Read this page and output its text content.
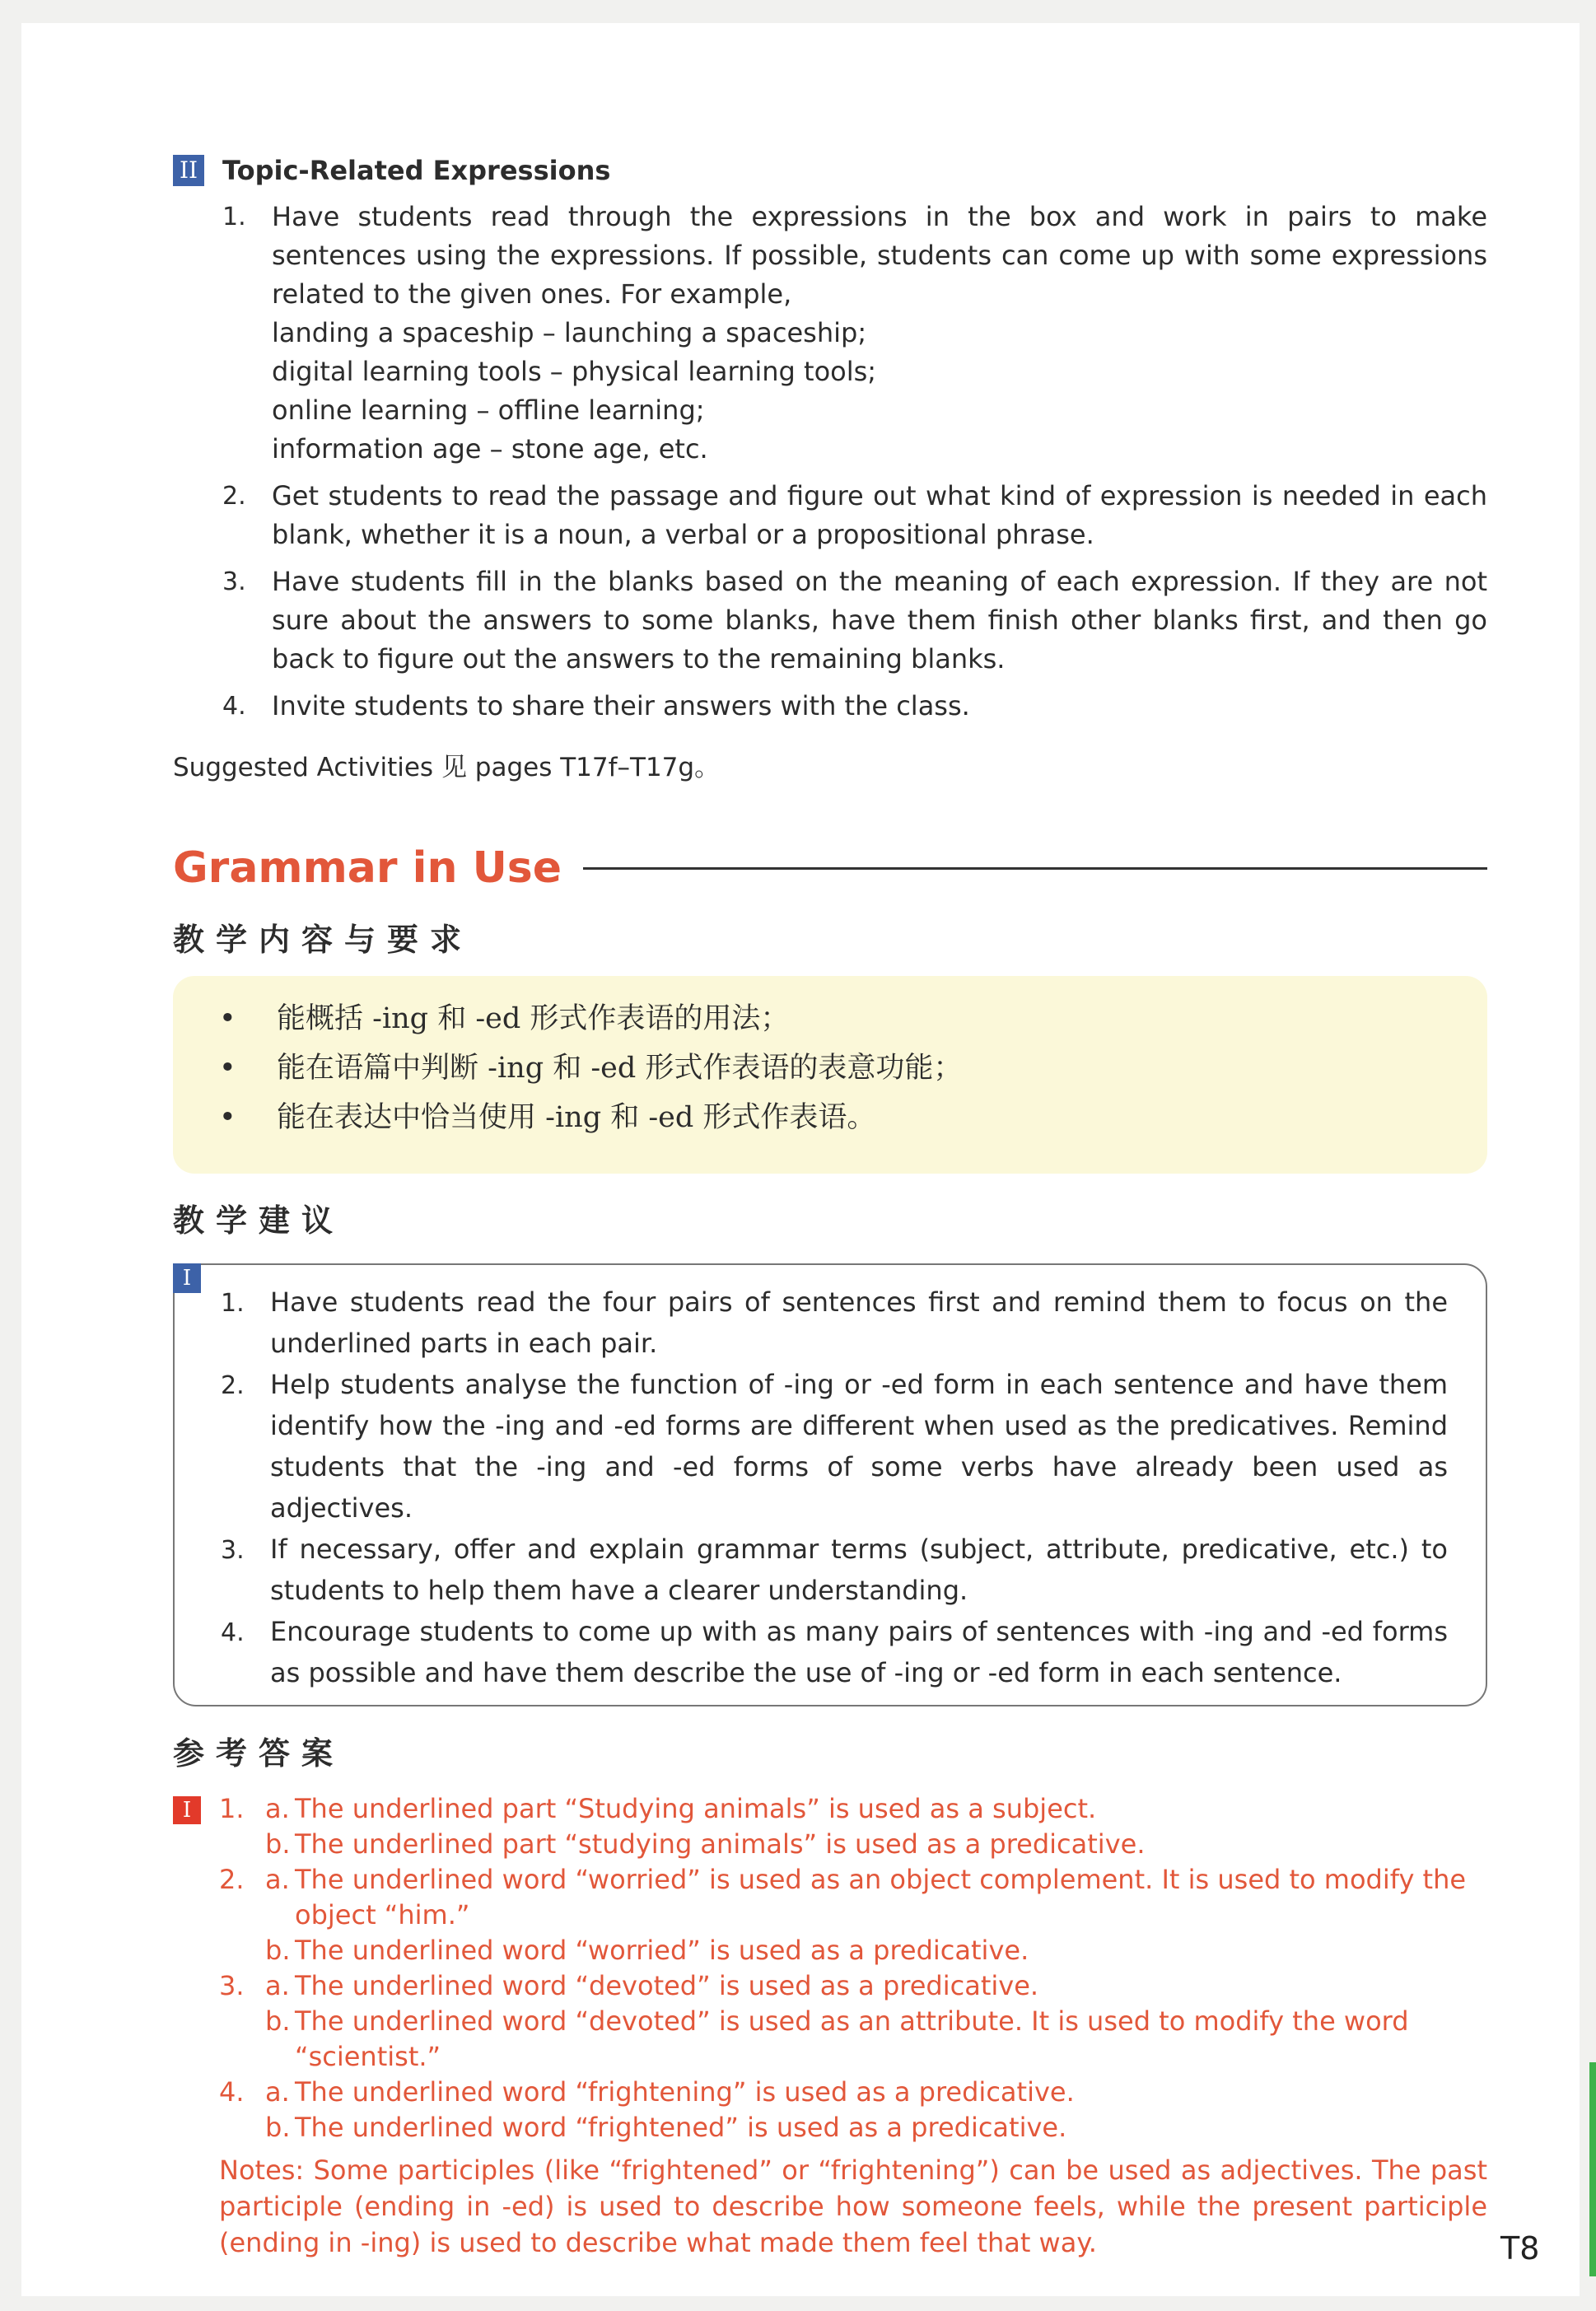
II Topic-Related Expressions
1. Have students read through the expressions in the box and work in pairs to make sentences using the expressions. If possible, students can come up with some expressions related to the given ones. For example,
landing a spaceship – launching a spaceship;
digital learning tools – physical learning tools;
online learning – offline learning;
information age – stone age, etc.
2. Get students to read the passage and figure out what kind of expression is needed in each blank, whether it is a noun, a verbal or a propositional phrase.
3. Have students fill in the blanks based on the meaning of each expression. If they are not sure about the answers to some blanks, have them finish other blanks first, and then go back to figure out the answers to the remaining blanks.
4. Invite students to share their answers with the class.
Suggested Activities 见 pages T17f–T17g。
Grammar in Use
教学内容与要求
•	能概括 -ing 和 -ed 形式作表语的用法；
•	能在语篇中判断 -ing 和 -ed 形式作表语的表意功能；
•	能在表达中恰当使用 -ing 和 -ed 形式作表语。
教学建议
I
1. Have students read the four pairs of sentences first and remind them to focus on the underlined parts in each pair.
2. Help students analyse the function of -ing or -ed form in each sentence and have them identify how the -ing and -ed forms are different when used as the predicatives. Remind students that the -ing and -ed forms of some verbs have already been used as adjectives.
3. If necessary, offer and explain grammar terms (subject, attribute, predicative, etc.) to students to help them have a clearer understanding.
4. Encourage students to come up with as many pairs of sentences with -ing and -ed forms as possible and have them describe the use of -ing or -ed form in each sentence.
参考答案
I	1. a. The underlined part “Studying animals” is used as a subject.
b. The underlined part “studying animals” is used as a predicative.
2. a. The underlined word “worried” is used as an object complement. It is used to modify the object “him.”
b. The underlined word “worried” is used as a predicative.
3. a. The underlined word “devoted” is used as a predicative.
b. The underlined word “devoted” is used as an attribute. It is used to modify the word “scientist.”
4. a. The underlined word “frightening” is used as a predicative.
b. The underlined word “frightened” is used as a predicative.
Notes: Some participles (like “frightened” or “frightening”) can be used as adjectives. The past participle (ending in -ed) is used to describe how someone feels, while the present participle (ending in -ing) is used to describe what made them feel that way.	T8
